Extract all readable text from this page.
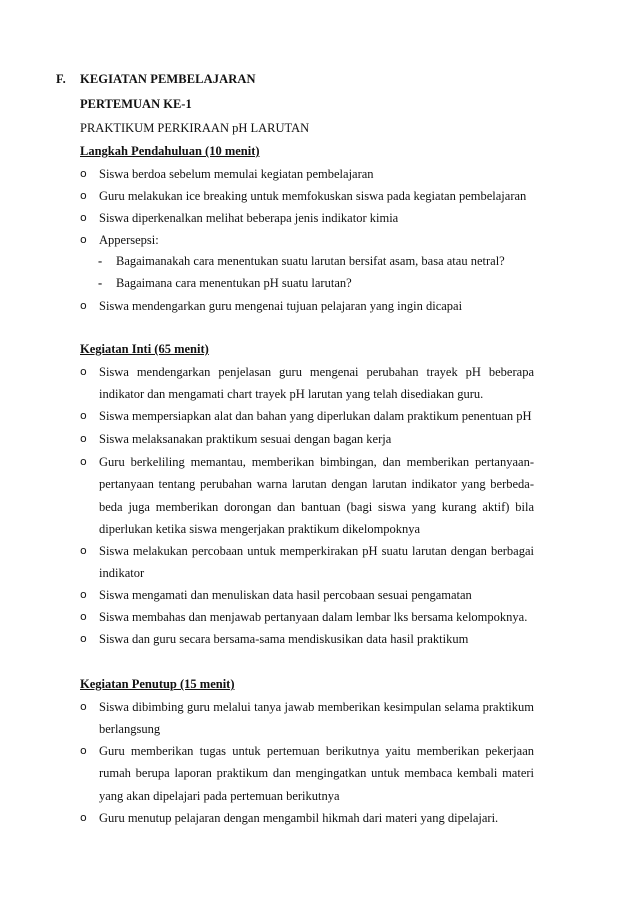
F. KEGIATAN PEMBELAJARAN
PERTEMUAN KE-1
PRAKTIKUM PERKIRAAN pH LARUTAN
Langkah Pendahuluan (10 menit)
o Siswa berdoa sebelum memulai kegiatan pembelajaran
o Guru melakukan ice breaking untuk memfokuskan siswa pada kegiatan pembelajaran
o Siswa diperkenalkan melihat beberapa jenis indikator kimia
o Appersepsi:
- Bagaimanakah cara menentukan suatu larutan bersifat asam, basa atau netral?
- Bagaimana cara menentukan pH suatu larutan?
o Siswa mendengarkan guru mengenai tujuan pelajaran yang ingin dicapai
Kegiatan Inti (65 menit)
o Siswa mendengarkan penjelasan guru mengenai perubahan trayek pH beberapa indikator dan mengamati chart trayek pH larutan yang telah disediakan guru.
o Siswa mempersiapkan alat dan bahan yang diperlukan dalam praktikum penentuan pH
o Siswa melaksanakan praktikum sesuai dengan bagan kerja
o Guru berkeliling memantau, memberikan bimbingan, dan memberikan pertanyaan-pertanyaan tentang perubahan warna larutan dengan larutan indikator yang berbeda-beda juga memberikan dorongan dan bantuan (bagi siswa yang kurang aktif) bila diperlukan ketika siswa mengerjakan praktikum dikelompoknya
o Siswa melakukan percobaan untuk memperkirakan pH suatu larutan dengan berbagai indikator
o Siswa mengamati dan menuliskan data hasil percobaan sesuai pengamatan
o Siswa membahas dan menjawab pertanyaan dalam lembar lks bersama kelompoknya.
o Siswa dan guru secara bersama-sama mendiskusikan data hasil praktikum
Kegiatan Penutup (15 menit)
o Siswa dibimbing guru melalui tanya jawab memberikan kesimpulan selama praktikum berlangsung
o Guru memberikan tugas untuk pertemuan berikutnya yaitu memberikan pekerjaan rumah berupa laporan praktikum dan mengingatkan untuk membaca kembali materi yang akan dipelajari pada pertemuan berikutnya
o Guru menutup pelajaran dengan mengambil hikmah dari materi yang dipelajari.
